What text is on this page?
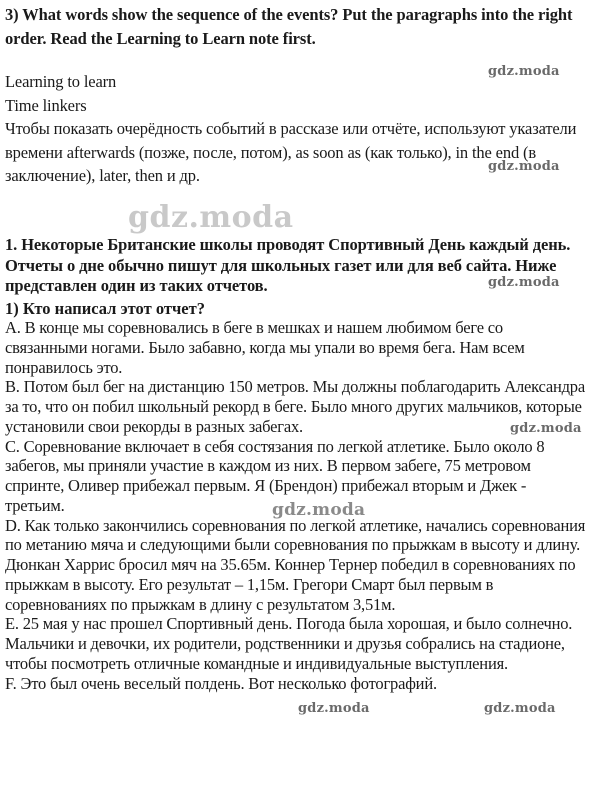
3) What words show the sequence of the events? Put the paragraphs into the right order. Read the Learning to Learn note first.
Learning to learn
Time linkers
Чтобы показать очерёдность событий в рассказе или отчёте, используют указатели времени afterwards (позже, после, потом), as soon as (как только), in the end (в заключение), later, then и др.
1. Некоторые Британские школы проводят Спортивный День каждый день. Отчеты о дне обычно пишут для школьных газет или для веб сайта. Ниже представлен один из таких отчетов.
1) Кто написал этот отчет?

A. В конце мы соревновались в беге в мешках и нашем любимом беге со связанными ногами. Было забавно, когда мы упали во время бега. Нам всем понравилось это.

B. Потом был бег на дистанцию 150 метров. Мы должны поблагодарить Александра за то, что он побил школьный рекорд в беге. Было много других мальчиков, которые установили свои рекорды в разных забегах.

C. Соревнование включает в себя состязания по легкой атлетике. Было около 8 забегов, мы приняли участие в каждом из них. В первом забеге, 75 метровом спринте, Оливер прибежал первым. Я (Брендон) прибежал вторым и Джек - третьим.

D. Как только закончились соревнования по легкой атлетике, начались соревнования по метанию мяча и следующими были соревнования по прыжкам в высоту и длину. Дюнкан Харрис бросил мяч на 35.65м. Коннер Тернер победил в соревнованиях по прыжкам в высоту. Его результат – 1,15м. Грегори Смарт был первым в соревнованиях по прыжкам в длину с результатом 3,51м.

E. 25 мая у нас прошел Спортивный день. Погода была хорошая, и было солнечно. Мальчики и девочки, их родители, родственники и друзья собрались на стадионе, чтобы посмотреть отличные командные и индивидуальные выступления.

F. Это был очень веселый полдень. Вот несколько фотографий.

gdz.moda
gdz.moda
gdz.moda
gdz.moda
gdz.moda
gdz.moda
gdz.moda	gdz.moda
